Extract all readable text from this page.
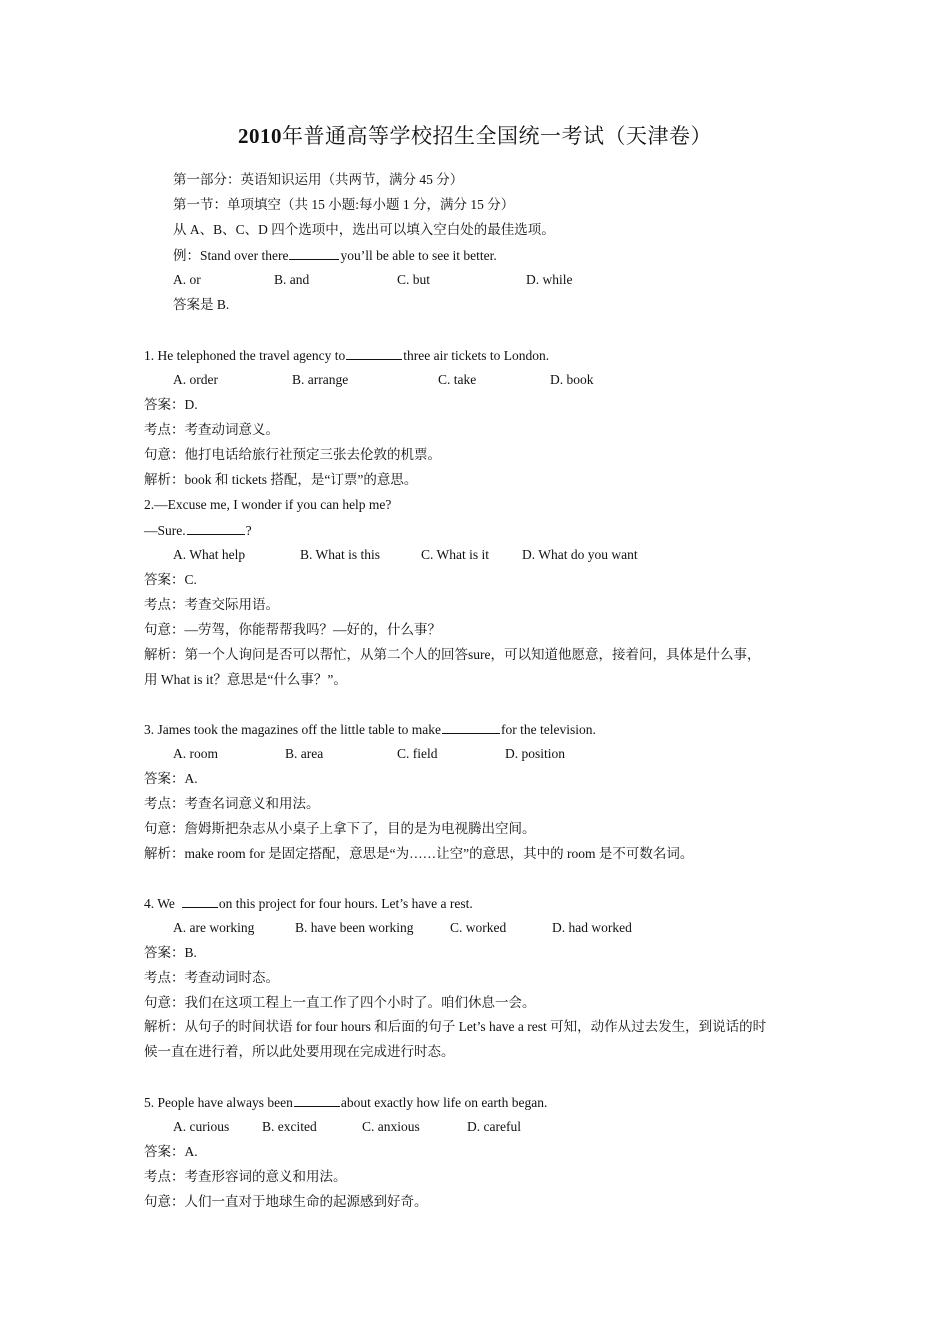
2010年普通高等学校招生全国统一考试（天津卷）
第一部分：英语知识运用（共两节，满分 45 分）
第一节：单项填空（共 15 小题:每小题 1 分，满分 15 分）
从 A、B、C、D 四个选项中，选出可以填入空白处的最佳选项。
例：Stand over there	you’ll be able to see it better.
A. or	B. and	C. but	D. while
答案是 B.
1. He telephoned the travel agency to	three air tickets to London.
A. order	B. arrange	C. take	D. book
答案：D.
考点：考查动词意义。
句意：他打电话给旅行社预定三张去伦敦的机票。
解析：book 和 tickets 搭配，是“订票”的意思。
2.—Excuse me, I wonder if you can help me?
—Sure.	?
A. What help	B. What is this	C. What is it D. What do you want
答案：C.
考点：考查交际用语。
句意：—劳驾，你能帮帮我吗？—好的，什么事？
解析：第一个人询问是否可以帮忙，从第二个人的回答sure，可以知道他愿意，接着问，具体是什么事，
用 What is it？意思是“什么事？”。
3. James took the magazines off the little table to make	for the television.
A. room	B. area	C. field	D. position
答案：A.
考点：考查名词意义和用法。
句意：詹姆斯把杂志从小桌子上拿下了，目的是为电视腾出空间。
解析：make room for 是固定搭配，意思是“为……让空”的意思，其中的 room 是不可数名词。
4. We	on this project for four hours. Let’s have a rest.
A. are working	B. have been working	C. worked	D. had worked
答案：B.
考点：考查动词时态。
句意：我们在这项工程上一直工作了四个小时了。咱们休息一会。
解析：从句子的时间状语 for four hours 和后面的句子 Let’s have a rest 可知，动作从过去发生，到说话的时
候一直在进行着，所以此处要用现在完成进行时态。
5. People have always been	about exactly how life on earth began.
A. curious B. excited	C. anxious	D. careful
答案：A.
考点：考查形容词的意义和用法。
句意：人们一直对于地球生命的起源感到好奇。
